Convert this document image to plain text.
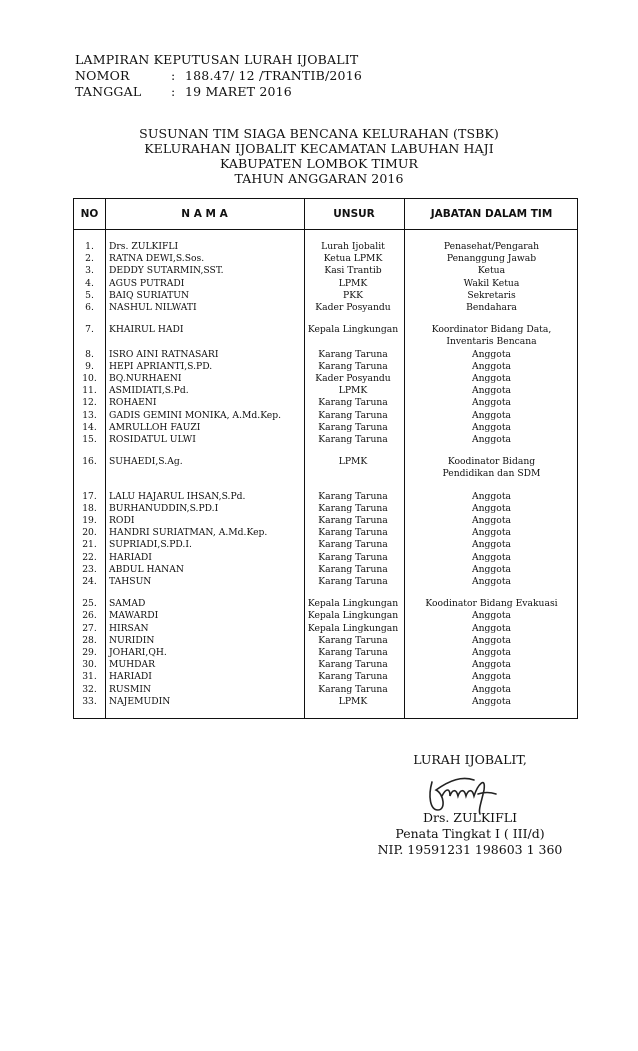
LAMPIRAN KEPUTUSAN LURAH IJOBALIT
NOMOR	: 188.47/ 12 /TRANTIB/2016
TANGGAL : 19 MARET 2016
SUSUNAN TIM SIAGA BENCANA KELURAHAN (TSBK)
KELURAHAN IJOBALIT KECAMATAN LABUHAN HAJI
KABUPATEN LOMBOK TIMUR
TAHUN ANGGARAN 2016
NO	N A M A	UNSUR	JABATAN DALAM TIM
1.	Drs. ZULKIFLI	Lurah Ijobalit	Penasehat/Pengarah
2.	RATNA DEWI,S.Sos.	Ketua LPMK	Penanggung Jawab
3.	DEDDY SUTARMIN,SST.	Kasi Trantib	Ketua
4.	AGUS PUTRADI	LPMK	Wakil Ketua
5.	BAIQ SURIATUN	PKK	Sekretaris
6.	NASHUL NILWATI	Kader Posyandu	Bendahara
7.	KHAIRUL HADI	Kepala Lingkungan	Koordinator Bidang Data,
Inventaris Bencana
8.	ISRO AINI RATNASARI	Karang Taruna	Anggota
9.	HEPI APRIANTI,S.PD.	Karang Taruna	Anggota
10.	BQ.NURHAENI	Kader Posyandu	Anggota
11.	ASMIDIATI,S.Pd.	LPMK	Anggota
12.	ROHAENI	Karang Taruna	Anggota
13.	GADIS GEMINI MONIKA, A.Md.Kep.	Karang Taruna	Anggota
14.	AMRULLOH FAUZI	Karang Taruna	Anggota
15.	ROSIDATUL ULWI	Karang Taruna	Anggota
16.	SUHAEDI,S.Ag.	LPMK	Koodinator Bidang
Pendidikan dan SDM
17.	LALU HAJARUL IHSAN,S.Pd.	Karang Taruna	Anggota
18.	BURHANUDDIN,S.PD.I	Karang Taruna	Anggota
19.	RODI	Karang Taruna	Anggota
20.	HANDRI SURIATMAN, A.Md.Kep.	Karang Taruna	Anggota
21.	SUPRIADI,S.PD.I.	Karang Taruna	Anggota
22.	HARIADI	Karang Taruna	Anggota
23.	ABDUL HANAN	Karang Taruna	Anggota
24.	TAHSUN	Karang Taruna	Anggota
25.	SAMAD	Kepala Lingkungan	Koodinator Bidang Evakuasi
26.	MAWARDI	Kepala Lingkungan	Anggota
27.	HIRSAN	Kepala Lingkungan	Anggota
28.	NURIDIN	Karang Taruna	Anggota
29.	JOHARI,QH.	Karang Taruna	Anggota
30.	MUHDAR	Karang Taruna	Anggota
31.	HARIADI	Karang Taruna	Anggota
32.	RUSMIN	Karang Taruna	Anggota
33.	NAJEMUDIN	LPMK	Anggota
LURAH IJOBALIT,
Drs. ZULKIFLI
Penata Tingkat I ( III/d)
NIP. 19591231 198603 1 360
